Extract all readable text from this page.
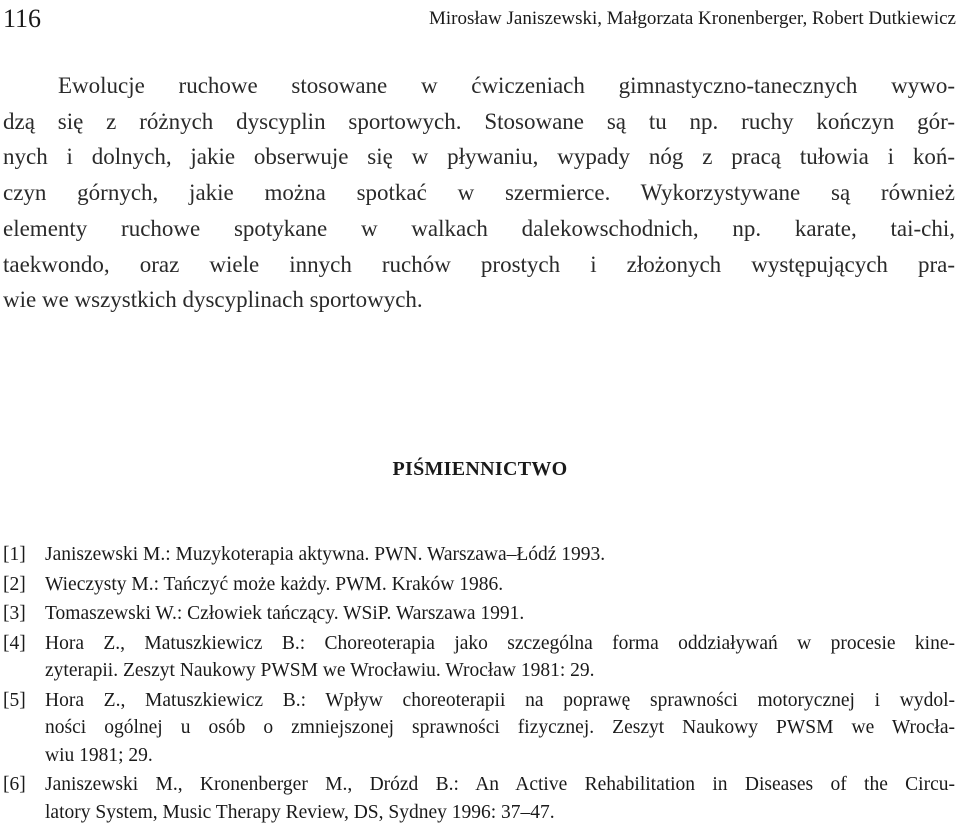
116	Mirosław Janiszewski, Małgorzata Kronenberger, Robert Dutkiewicz
Ewolucje ruchowe stosowane w ćwiczeniach gimnastyczno-tanecznych wywo-
dzą się z różnych dyscyplin sportowych. Stosowane są tu np. ruchy kończyn gór-
nych i dolnych, jakie obserwuje się w pływaniu, wypady nóg z pracą tułowia i koń-
czyn górnych, jakie można spotkać w szermierce. Wykorzystywane są również
elementy ruchowe spotykane w walkach dalekowschodnich, np. karate, tai-chi,
taekwondo, oraz wiele innych ruchów prostych i złożonych występujących pra-
wie we wszystkich dyscyplinach sportowych.
PIŚMIENNICTWO
[1] Janiszewski M.: Muzykoterapia aktywna. PWN. Warszawa–Łódź 1993.
[2] Wieczysty M.: Tańczyć może każdy. PWM. Kraków 1986.
[3] Tomaszewski W.: Człowiek tańczący. WSiP. Warszawa 1991.
[4] Hora Z., Matuszkiewicz B.: Choreoterapia jako szczególna forma oddziaływań w procesie kine-
zyterapii. Zeszyt Naukowy PWSM we Wrocławiu. Wrocław 1981: 29.
[5] Hora Z., Matuszkiewicz B.: Wpływ choreoterapii na poprawę sprawności motorycznej i wydol-
ności ogólnej u osób o zmniejszonej sprawności fizycznej. Zeszyt Naukowy PWSM we Wrocła-
wiu 1981; 29.
[6] Janiszewski M., Kronenberger M., Drózd B.: An Active Rehabilitation in Diseases of the Circu-
latory System, Music Therapy Review, DS, Sydney 1996: 37–47.
